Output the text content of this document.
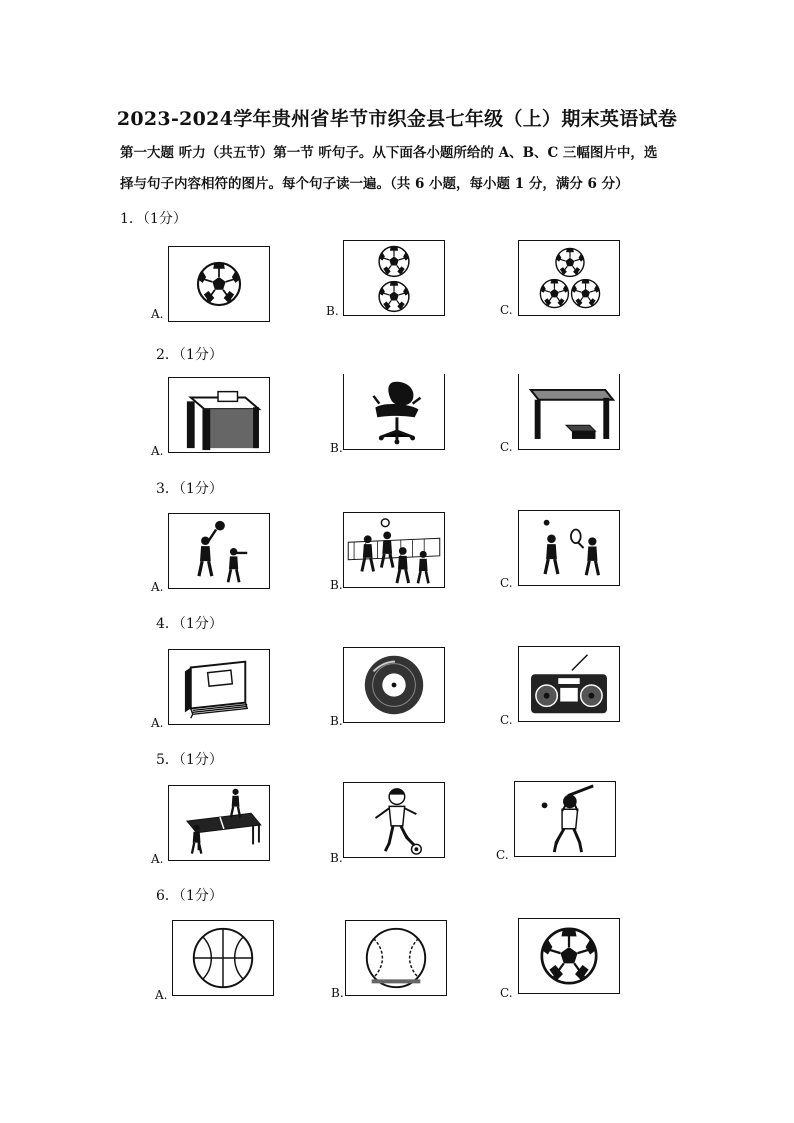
2023-2024学年贵州省毕节市织金县七年级（上）期末英语试卷
第一大题 听力（共五节）第一节 听句子。从下面各小题所给的 A、B、C 三幅图片中，选
择与句子内容相符的图片。每个句子读一遍。（共 6 小题，每小题 1 分，满分 6 分）
1．（1分）
A.	B.	C.
2．（1分）
A.	B.	C.
3．（1分）
A.	B.	C.
4．（1分）
A.	B.	C.
5．（1分）
A.	B.	C.
6．（1分）
A.	B.	C.
